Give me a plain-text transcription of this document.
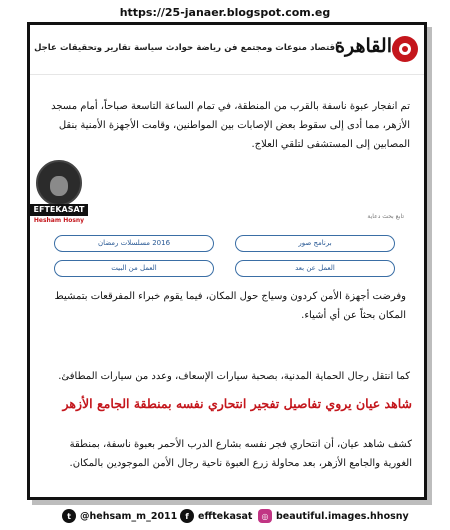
https://25-janaer.blogspot.com.eg
عاجل تقارير وتحقيقات سياسة حوادث رياضة فن منوعات ومجتمع اقتصاد
القاهرة

تم انفجار عبوة ناسفة بالقرب من المنطقة، في تمام الساعة التاسعة صباحاً، أمام مسجد الأزهر، مما أدى إلى سقوط بعض الإصابات بين المواطنين، وقامت الأجهزة الأمنية بنقل المصابين إلى المستشفى لتلقي العلاج.

تابع بحث دعاية
برنامج صور
2016 مسلسلات رمضان
العمل عن بعد
العمل من البيت

وفرضت أجهزة الأمن كردون وسياج حول المكان، فيما يقوم خبراء المفرقعات بتمشيط المكان بحثاً عن أي أشياء.

كما انتقل رجال الحماية المدنية، بصحبة سيارات الإسعاف، وعدد من سيارات المطافئ.

شاهد عيان يروي تفاصيل تفجير انتحاري نفسه بمنطقة الجامع الأزهر

كشف شاهد عيان، أن انتحاري فجر نفسه بشارع الدرب الأحمر بعبوة ناسفة، بمنطقة الغورية والجامع الأزهر، بعد محاولة زرع العبوة ناحية رجال الأمن الموجودين بالمكان.

EFTEKASAT
Hesham Hosny
t @hehsam_m_2011 f efftekasat	◎ beautiful.images.hhosny
